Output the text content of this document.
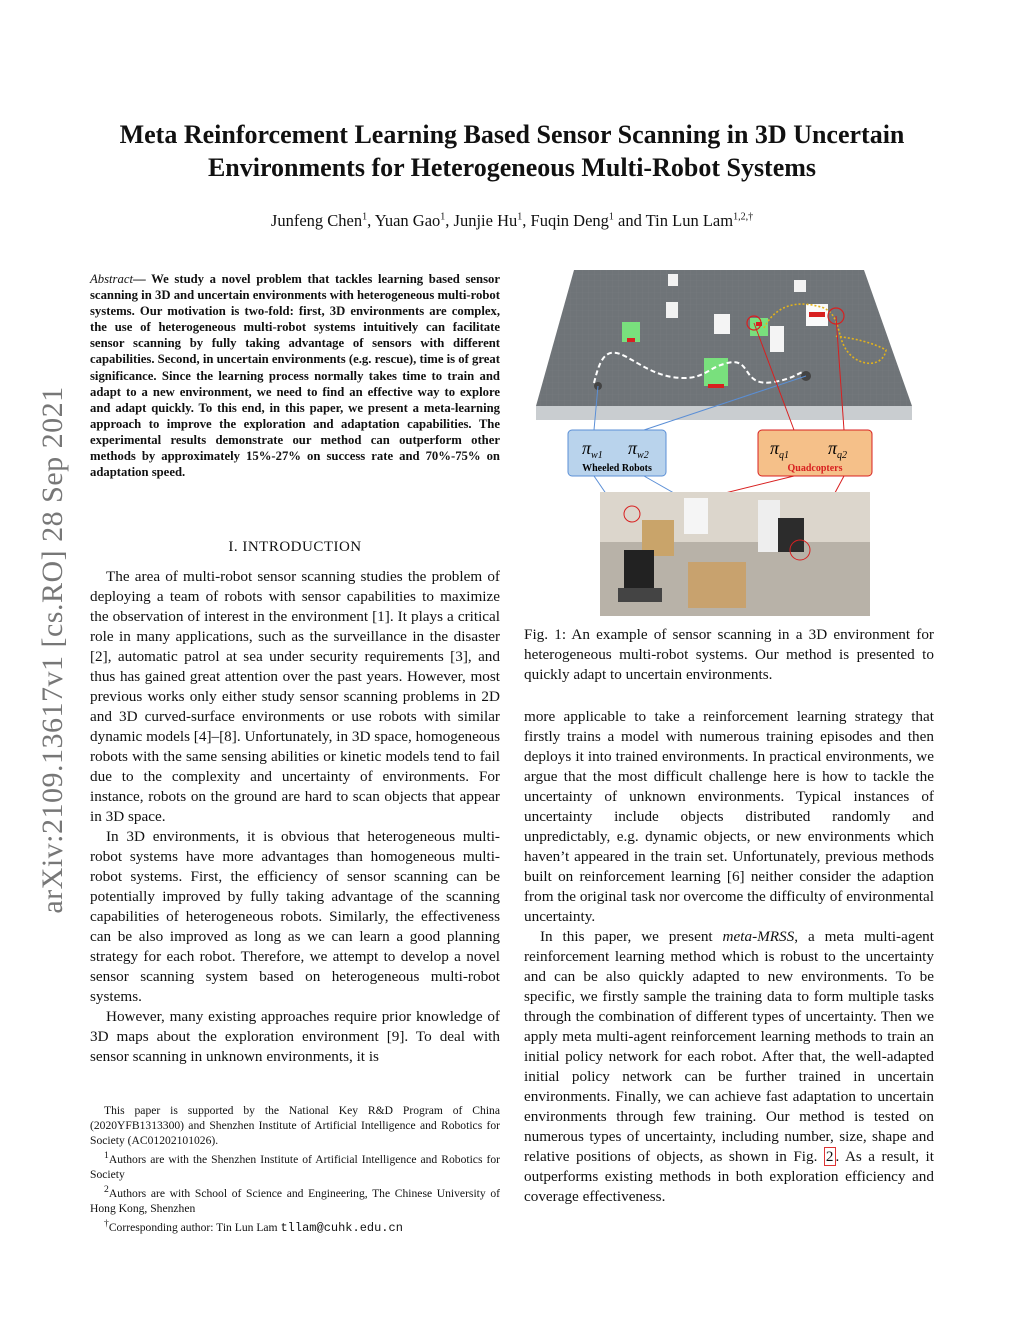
Meta Reinforcement Learning Based Sensor Scanning in 3D Uncertain
Environments for Heterogeneous Multi-Robot Systems
Junfeng Chen$^1$, Yuan Gao$^1$, Junjie Hu$^1$, Fuqin Deng$^1$ and Tin Lun Lam$^{1,2,\dagger}$
arXiv:2109.13617v1 [cs.RO] 28 Sep 2021
Abstract— We study a novel problem that tackles learning based sensor scanning in 3D and uncertain environments with heterogeneous multi-robot systems. Our motivation is two-fold: first, 3D environments are complex, the use of heterogeneous multi-robot systems intuitively can facilitate sensor scanning by fully taking advantage of sensors with different capabilities. Second, in uncertain environments (e.g. rescue), time is of great significance. Since the learning process normally takes time to train and adapt to a new environment, we need to find an effective way to explore and adapt quickly. To this end, in this paper, we present a meta-learning approach to improve the exploration and adaptation capabilities. The experimental results demonstrate our method can outperform other methods by approximately 15%-27% on success rate and 70%-75% on adaptation speed.
I. INTRODUCTION

The area of multi-robot sensor scanning studies the problem of deploying a team of robots with sensor capabilities to maximize the observation of interest in the environment [1]. It plays a critical role in many applications, such as the surveillance in the disaster [2], automatic patrol at sea under security requirements [3], and thus has gained great attention over the past years. However, most previous works only either study sensor scanning problems in 2D and 3D curved-surface environments or use robots with similar dynamic models [4]–[8]. Unfortunately, in 3D space, homogeneous robots with the same sensing abilities or kinetic models tend to fail due to the complexity and uncertainty of environments. For instance, robots on the ground are hard to scan objects that appear in 3D space.

In 3D environments, it is obvious that heterogeneous multi-robot systems have more advantages than homogeneous multi-robot systems. First, the efficiency of sensor scanning can be potentially improved by fully taking advantage of the scanning capabilities of heterogeneous robots. Similarly, the effectiveness can be also improved as long as we can learn a good planning strategy for each robot. Therefore, we attempt to develop a novel sensor scanning system based on heterogeneous multi-robot systems.

However, many existing approaches require prior knowledge of 3D maps about the exploration environment [9]. To deal with sensor scanning in unknown environments, it is

This paper is supported by the National Key R&D Program of China (2020YFB1313300) and Shenzhen Institute of Artificial Intelligence and Robotics for Society (AC01202101026).

$^1$Authors are with the Shenzhen Institute of Artificial Intelligence and Robotics for Society

$^2$Authors are with School of Science and Engineering, The Chinese University of Hong Kong, Shenzhen

†Corresponding author: Tin Lun Lam tllam@cuhk.edu.cn

$\pi_{w1}$ $\pi_{w2}$
Wheeled Robots
$\pi_{q1}$ $\pi_{q2}$
Quadcopters
Fig. 1: An example of sensor scanning in a 3D environment for heterogeneous multi-robot systems. Our method is presented to quickly adapt to uncertain environments.

more applicable to take a reinforcement learning strategy that firstly trains a model with numerous training episodes and then deploys it into trained environments. In practical environments, we argue that the most difficult challenge here is how to tackle the uncertainty of unknown environments. Typical instances of uncertainty include objects distributed randomly and unpredictably, e.g. dynamic objects, or new environments which haven’t appeared in the train set. Unfortunately, previous methods built on reinforcement learning [6] neither consider the adaption from the original task nor overcome the difficulty of environmental uncertainty.

In this paper, we present meta-MRSS, a meta multi-agent reinforcement learning method which is robust to the uncertainty and can be also quickly adapted to new environments. To be specific, we firstly sample the training data to form multiple tasks through the combination of different types of uncertainty. Then we apply meta multi-agent reinforcement learning methods to train an initial policy network for each robot. After that, the well-adapted initial policy network can be further trained in uncertain environments. Finally, we can achieve fast adaptation to uncertain environments through few training. Our method is tested on numerous types of uncertainty, including number, size, shape and relative positions of objects, as shown in Fig. 2 . As a result, it outperforms existing methods in both exploration efficiency and coverage effectiveness.
